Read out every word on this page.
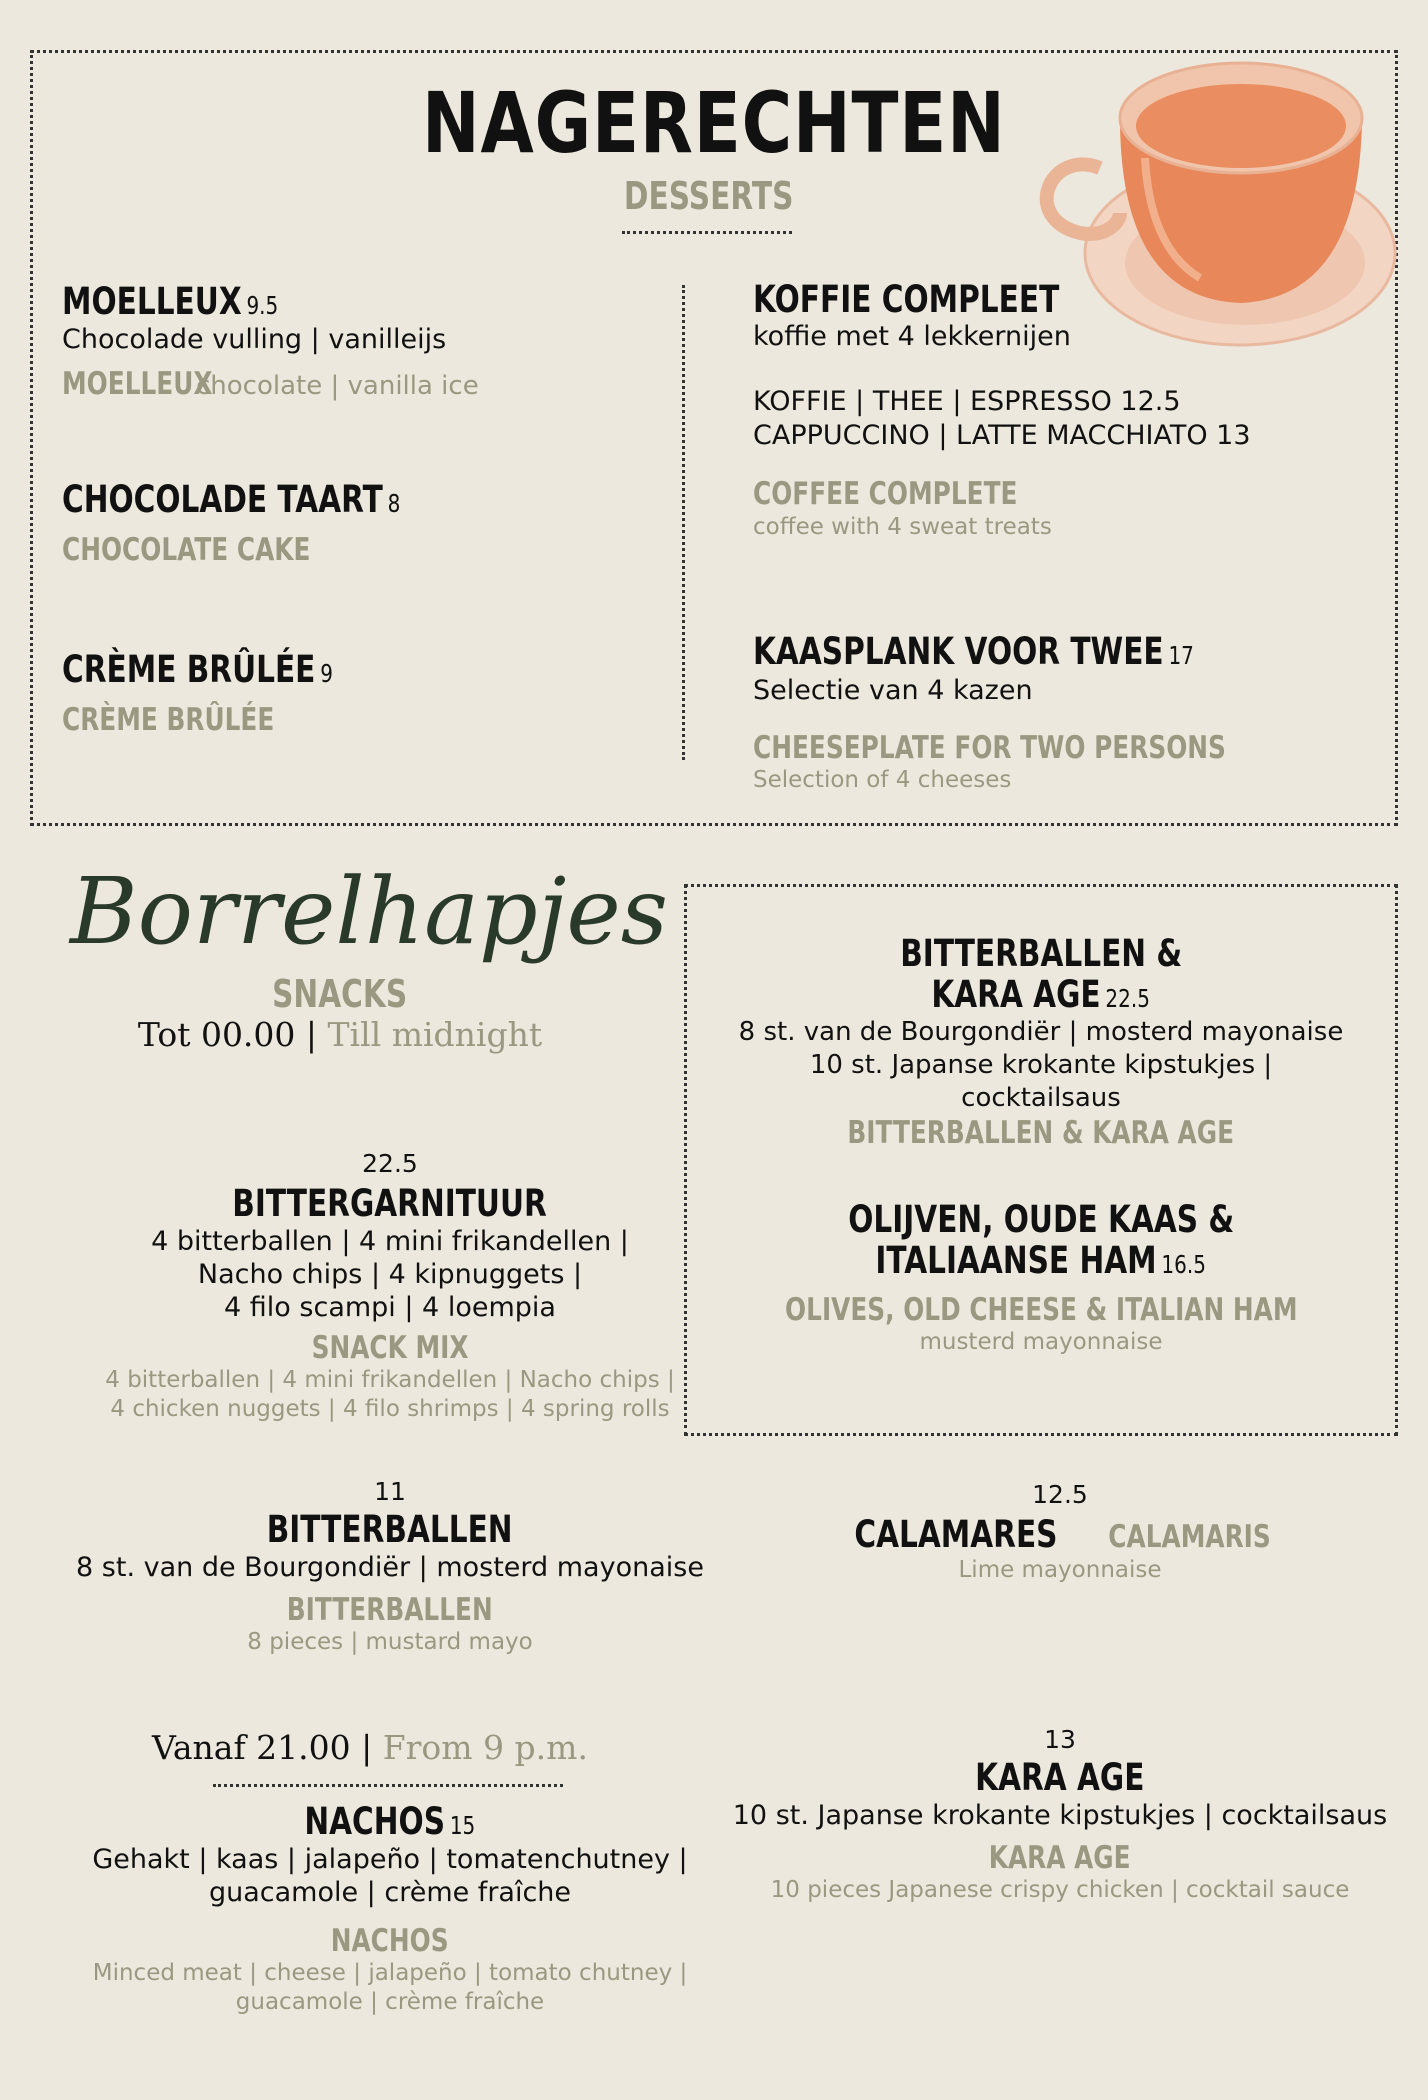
NAGERECHTEN
DESSERTS
MOELLEUX 9.5
Chocolade vulling | vanilleijs
MOELLEUXchocolate | vanilla ice
CHOCOLADE TAART 8
CHOCOLATE CAKE
CRÈME BRÛLÉE 9
CRÈME BRÛLÉE
KOFFIE COMPLEET
koffie met 4 lekkernijen
KOFFIE | THEE | ESPRESSO 12.5
CAPPUCCINO | LATTE MACCHIATO 13
COFFEE COMPLETE
coffee with 4 sweat treats
KAASPLANK VOOR TWEE 17
Selectie van 4 kazen
CHEESEPLATE FOR TWO PERSONS
Selection of 4 cheeses
Borrelhapjes
SNACKS
Tot 00.00 | Till midnight
22.5
BITTERGARNITUUR
4 bitterballen | 4 mini frikandellen |
Nacho chips | 4 kipnuggets |
4 filo scampi | 4 loempia
SNACK MIX
4 bitterballen | 4 mini frikandellen | Nacho chips |
4 chicken nuggets | 4 filo shrimps | 4 spring rolls
BITTERBALLEN &
KARA AGE 22.5
8 st. van de Bourgondiër | mosterd mayonaise
10 st. Japanse krokante kipstukjes |
cocktailsaus
BITTERBALLEN & KARA AGE
OLIJVEN, OUDE KAAS &
ITALIAANSE HAM 16.5
OLIVES, OLD CHEESE & ITALIAN HAM
musterd mayonnaise
11
BITTERBALLEN
8 st. van de Bourgondiër | mosterd mayonaise
BITTERBALLEN
8 pieces | mustard mayo
12.5
CALAMARES CALAMARIS
Lime mayonnaise
Vanaf 21.00 | From 9 p.m.
NACHOS 15
Gehakt | kaas | jalapeño | tomatenchutney |
guacamole | crème fraîche
NACHOS
Minced meat | cheese | jalapeño | tomato chutney |
guacamole | crème fraîche
13
KARA AGE
10 st. Japanse krokante kipstukjes | cocktailsaus
KARA AGE
10 pieces Japanese crispy chicken | cocktail sauce
